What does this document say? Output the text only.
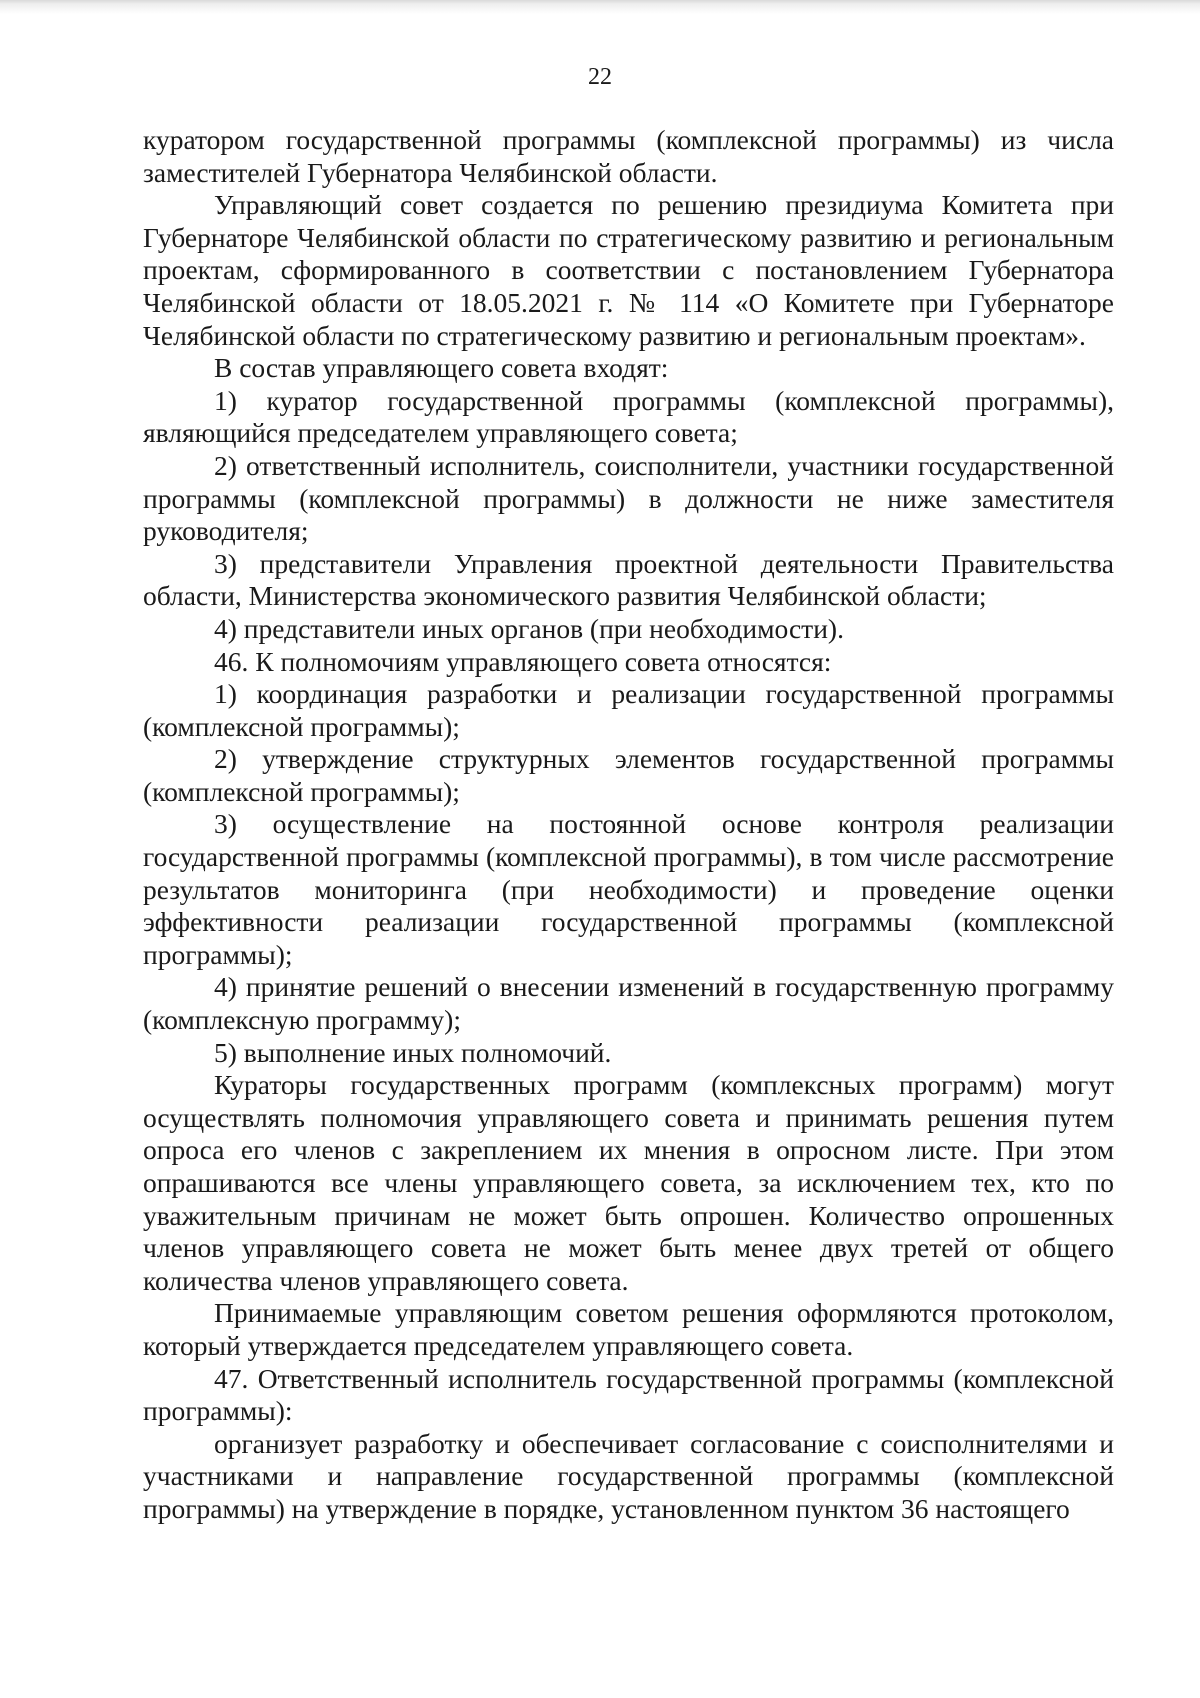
22

куратором государственной программы (комплексной программы) из числа заместителей Губернатора Челябинской области.

Управляющий совет создается по решению президиума Комитета при Губернаторе Челябинской области по стратегическому развитию и региональным проектам, сформированного в соответствии с постановлением Губернатора Челябинской области от 18.05.2021 г. № 114 «О Комитете при Губернаторе Челябинской области по стратегическому развитию и региональным проектам».

В состав управляющего совета входят:

1) куратор государственной программы (комплексной программы), являющийся председателем управляющего совета;

2) ответственный исполнитель, соисполнители, участники государственной программы (комплексной программы) в должности не ниже заместителя руководителя;

3) представители Управления проектной деятельности Правительства области, Министерства экономического развития Челябинской области;

4) представители иных органов (при необходимости).

46. К полномочиям управляющего совета относятся:

1) координация разработки и реализации государственной программы (комплексной программы);

2) утверждение структурных элементов государственной программы (комплексной программы);

3) осуществление на постоянной основе контроля реализации государственной программы (комплексной программы), в том числе рассмотрение результатов мониторинга (при необходимости) и проведение оценки эффективности реализации государственной программы (комплексной программы);

4) принятие решений о внесении изменений в государственную программу (комплексную программу);

5) выполнение иных полномочий.

Кураторы государственных программ (комплексных программ) могут осуществлять полномочия управляющего совета и принимать решения путем опроса его членов с закреплением их мнения в опросном листе. При этом опрашиваются все члены управляющего совета, за исключением тех, кто по уважительным причинам не может быть опрошен. Количество опрошенных членов управляющего совета не может быть менее двух третей от общего количества членов управляющего совета.

Принимаемые управляющим советом решения оформляются протоколом, который утверждается председателем управляющего совета.

47. Ответственный исполнитель государственной программы (комплексной программы):

организует разработку и обеспечивает согласование с соисполнителями и участниками и направление государственной программы (комплексной программы) на утверждение в порядке, установленном пунктом 36 настоящего
